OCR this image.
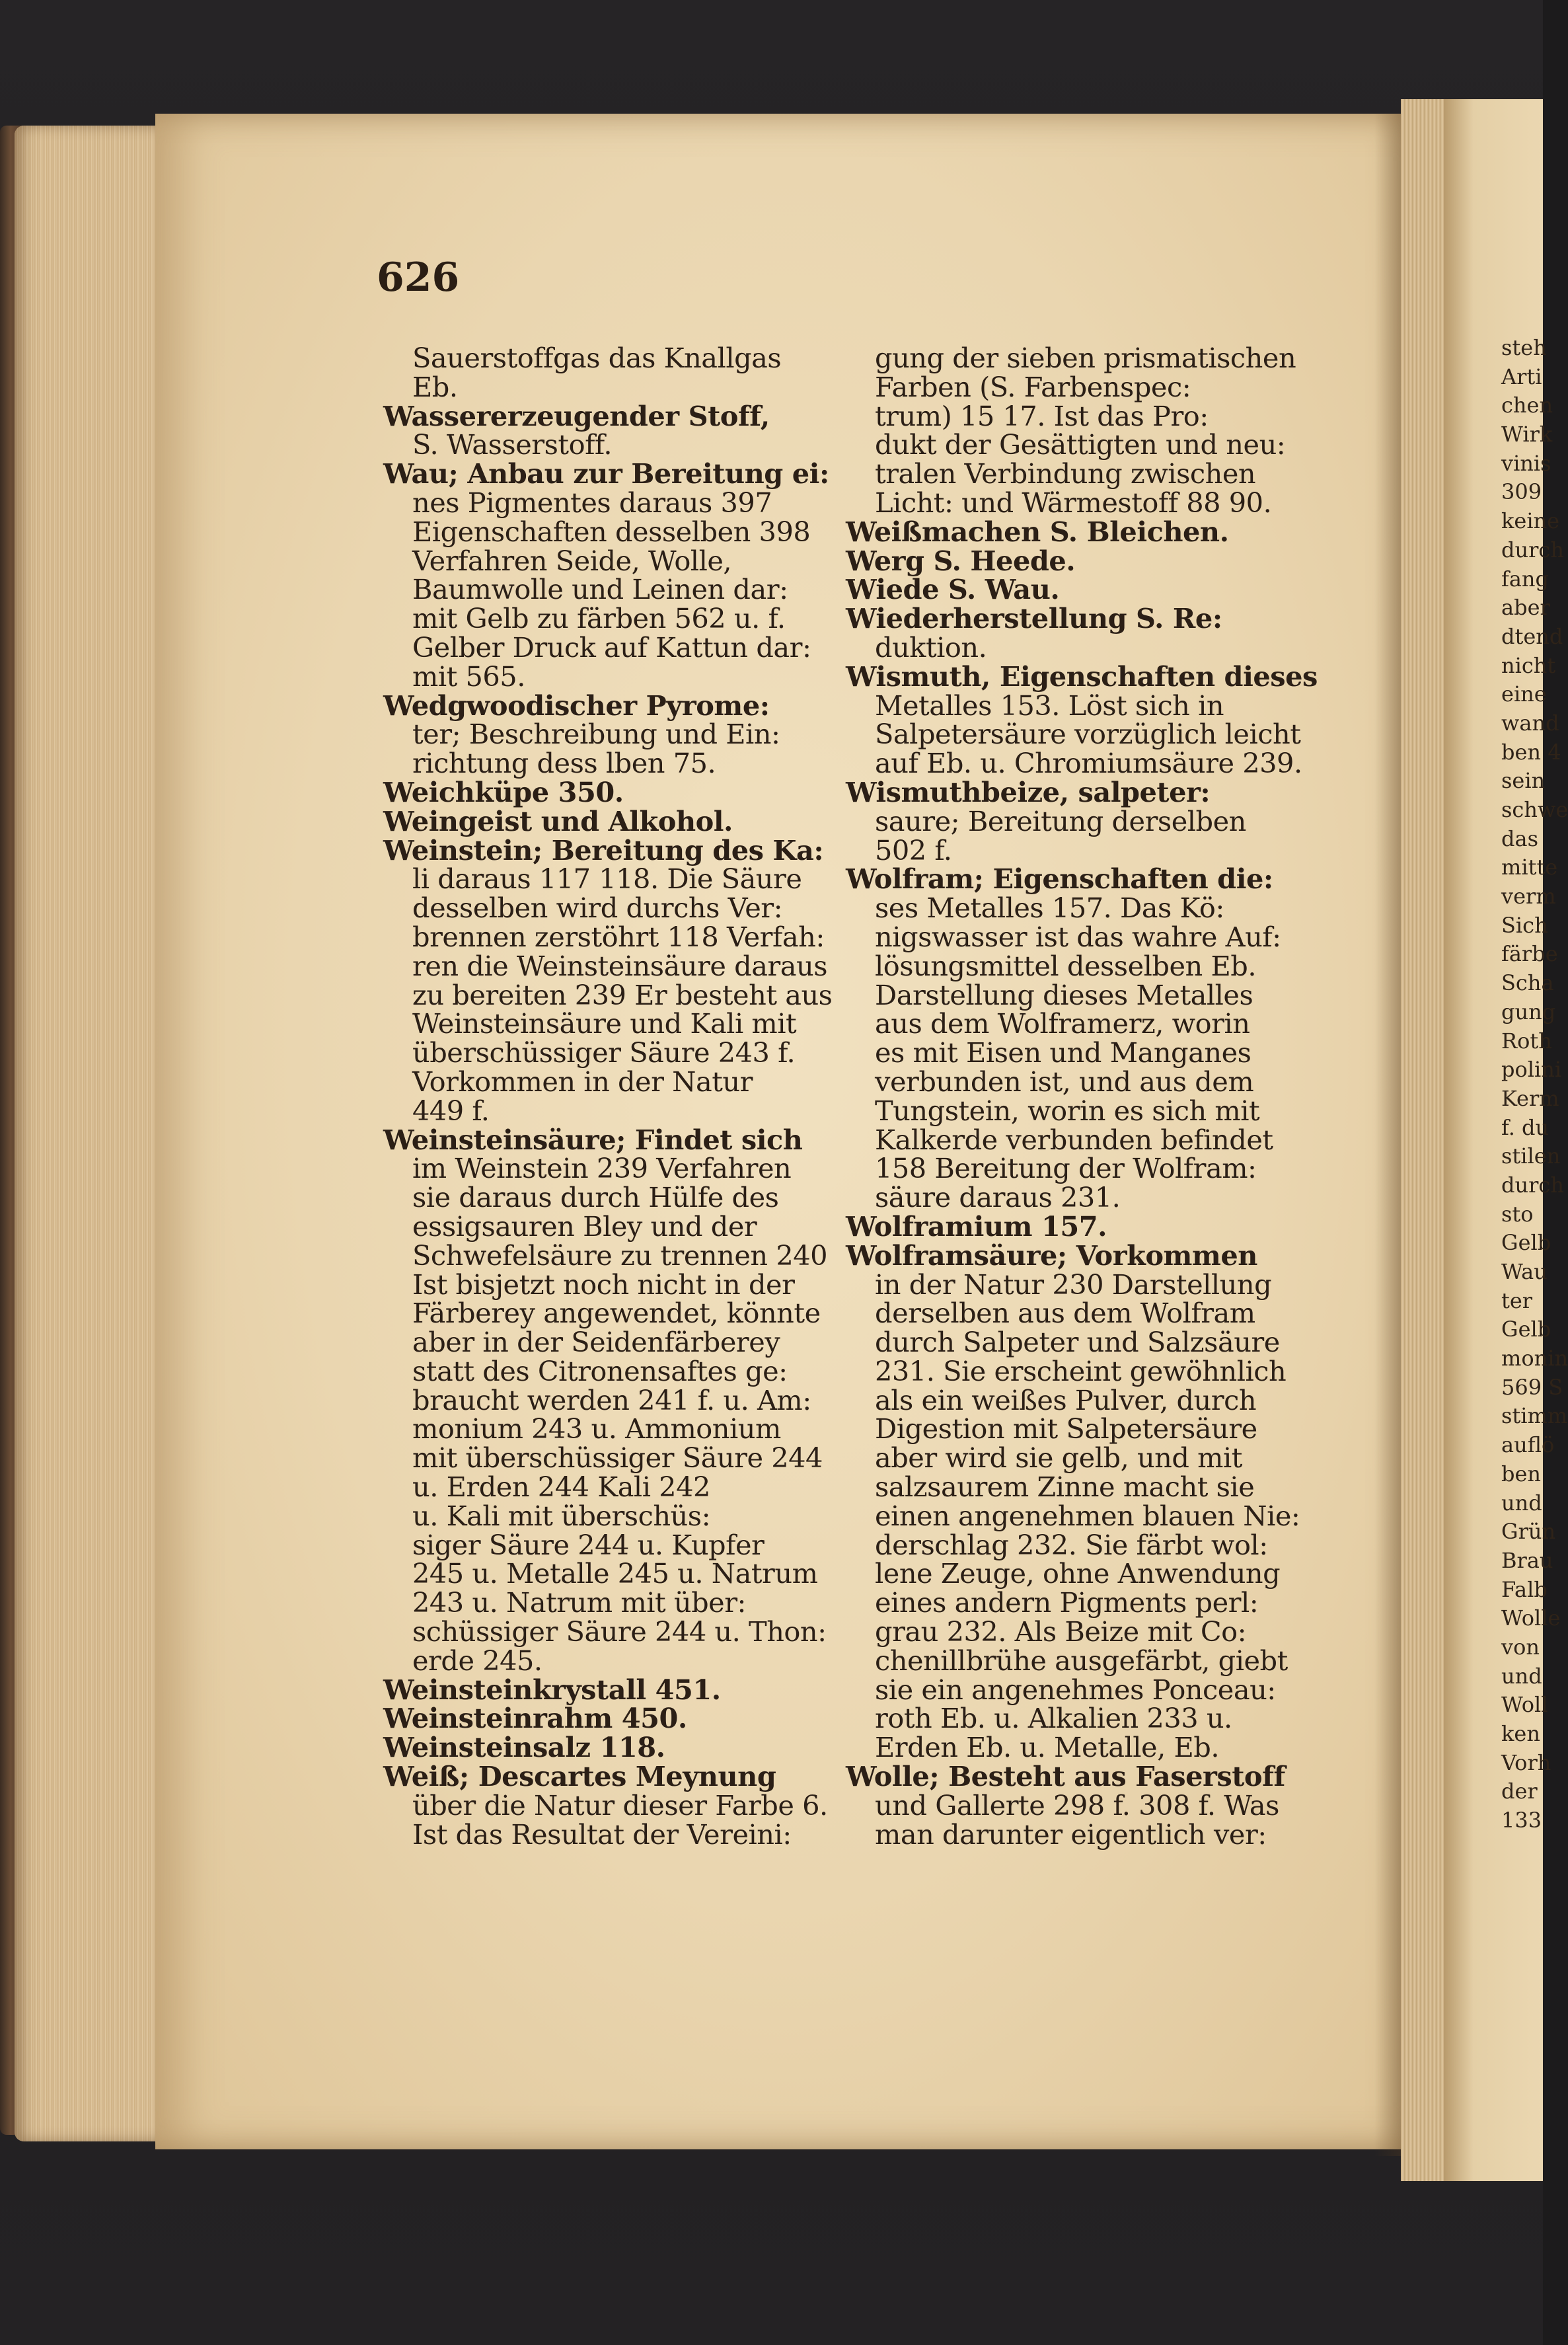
626
Sauerstoffgas das Knallgas
Eb.
Wassererzeugender Stoff,
S. Wasserstoff.
Wau; Anbau zur Bereitung ei:
nes Pigmentes daraus 397
Eigenschaften desselben 398
Verfahren Seide, Wolle,
Baumwolle und Leinen dar:
mit Gelb zu färben 562 u. f.
Gelber Druck auf Kattun dar:
mit 565.
Wedgwoodischer Pyrome:
ter; Beschreibung und Ein:
richtung dess lben 75.
Weichküpe 350.
Weingeist und Alkohol.
Weinstein; Bereitung des Ka:
li daraus 117 118. Die Säure
desselben wird durchs Ver:
brennen zerstöhrt 118 Verfah:
ren die Weinsteinsäure daraus
zu bereiten 239 Er besteht aus
Weinsteinsäure und Kali mit
überschüssiger Säure 243 f.
Vorkommen in der Natur
449 f.
Weinsteinsäure; Findet sich
im Weinstein 239 Verfahren
sie daraus durch Hülfe des
essigsauren Bley und der
Schwefelsäure zu trennen 240
Ist bisjetzt noch nicht in der
Färberey angewendet, könnte
aber in der Seidenfärberey
statt des Citronensaftes ge:
braucht werden 241 f. u. Am:
monium 243 u. Ammonium
mit überschüssiger Säure 244
u. Erden 244 Kali 242
u. Kali mit überschüs:
siger Säure 244 u. Kupfer
245 u. Metalle 245 u. Natrum
243 u. Natrum mit über:
schüssiger Säure 244 u. Thon:
erde 245.
Weinsteinkrystall 451.
Weinsteinrahm 450.
Weinsteinsalz 118.
Weiß; Descartes Meynung
über die Natur dieser Farbe 6.
Ist das Resultat der Vereini:
gung der sieben prismatischen
Farben (S. Farbenspec:
trum) 15 17. Ist das Pro:
dukt der Gesättigten und neu:
tralen Verbindung zwischen
Licht: und Wärmestoff 88 90.
Weißmachen S. Bleichen.
Werg S. Heede.
Wiede S. Wau.
Wiederherstellung S. Re:
duktion.
Wismuth, Eigenschaften dieses
Metalles 153. Löst sich in
Salpetersäure vorzüglich leicht
auf Eb. u. Chromiumsäure 239.
Wismuthbeize, salpeter:
saure; Bereitung derselben
502 f.
Wolfram; Eigenschaften die:
ses Metalles 157. Das Kö:
nigswasser ist das wahre Auf:
lösungsmittel desselben Eb.
Darstellung dieses Metalles
aus dem Wolframerz, worin
es mit Eisen und Manganes
verbunden ist, und aus dem
Tungstein, worin es sich mit
Kalkerde verbunden befindet
158 Bereitung der Wolfram:
säure daraus 231.
Wolframium 157.
Wolframsäure; Vorkommen
in der Natur 230 Darstellung
derselben aus dem Wolfram
durch Salpeter und Salzsäure
231. Sie erscheint gewöhnlich
als ein weißes Pulver, durch
Digestion mit Salpetersäure
aber wird sie gelb, und mit
salzsaurem Zinne macht sie
einen angenehmen blauen Nie:
derschlag 232. Sie färbt wol:
lene Zeuge, ohne Anwendung
eines andern Pigments perl:
grau 232. Als Beize mit Co:
chenillbrühe ausgefärbt, giebt
sie ein angenehmes Ponceau:
roth Eb. u. Alkalien 233 u.
Erden Eb. u. Metalle, Eb.
Wolle; Besteht aus Faserstoff
und Gallerte 298 f. 308 f. Was
man darunter eigentlich ver:
steh
Arti
chen
Wirk
vinis
309
keine
durch
fang
aber
dtend
nicht
eine
wand
ben 4
sein
schwe
das
mitte
verm
Sich
färbe
Scha
gung
Roth
polini
Kerm
f. du
stilen
durch
sto
Gelb
Wau
ter
Gelb
monin
569 S
stimm
auflö
ben
und
Grün
Brau
Falb
Wolle
von
und
Woll
ken
Vorh
der
133
